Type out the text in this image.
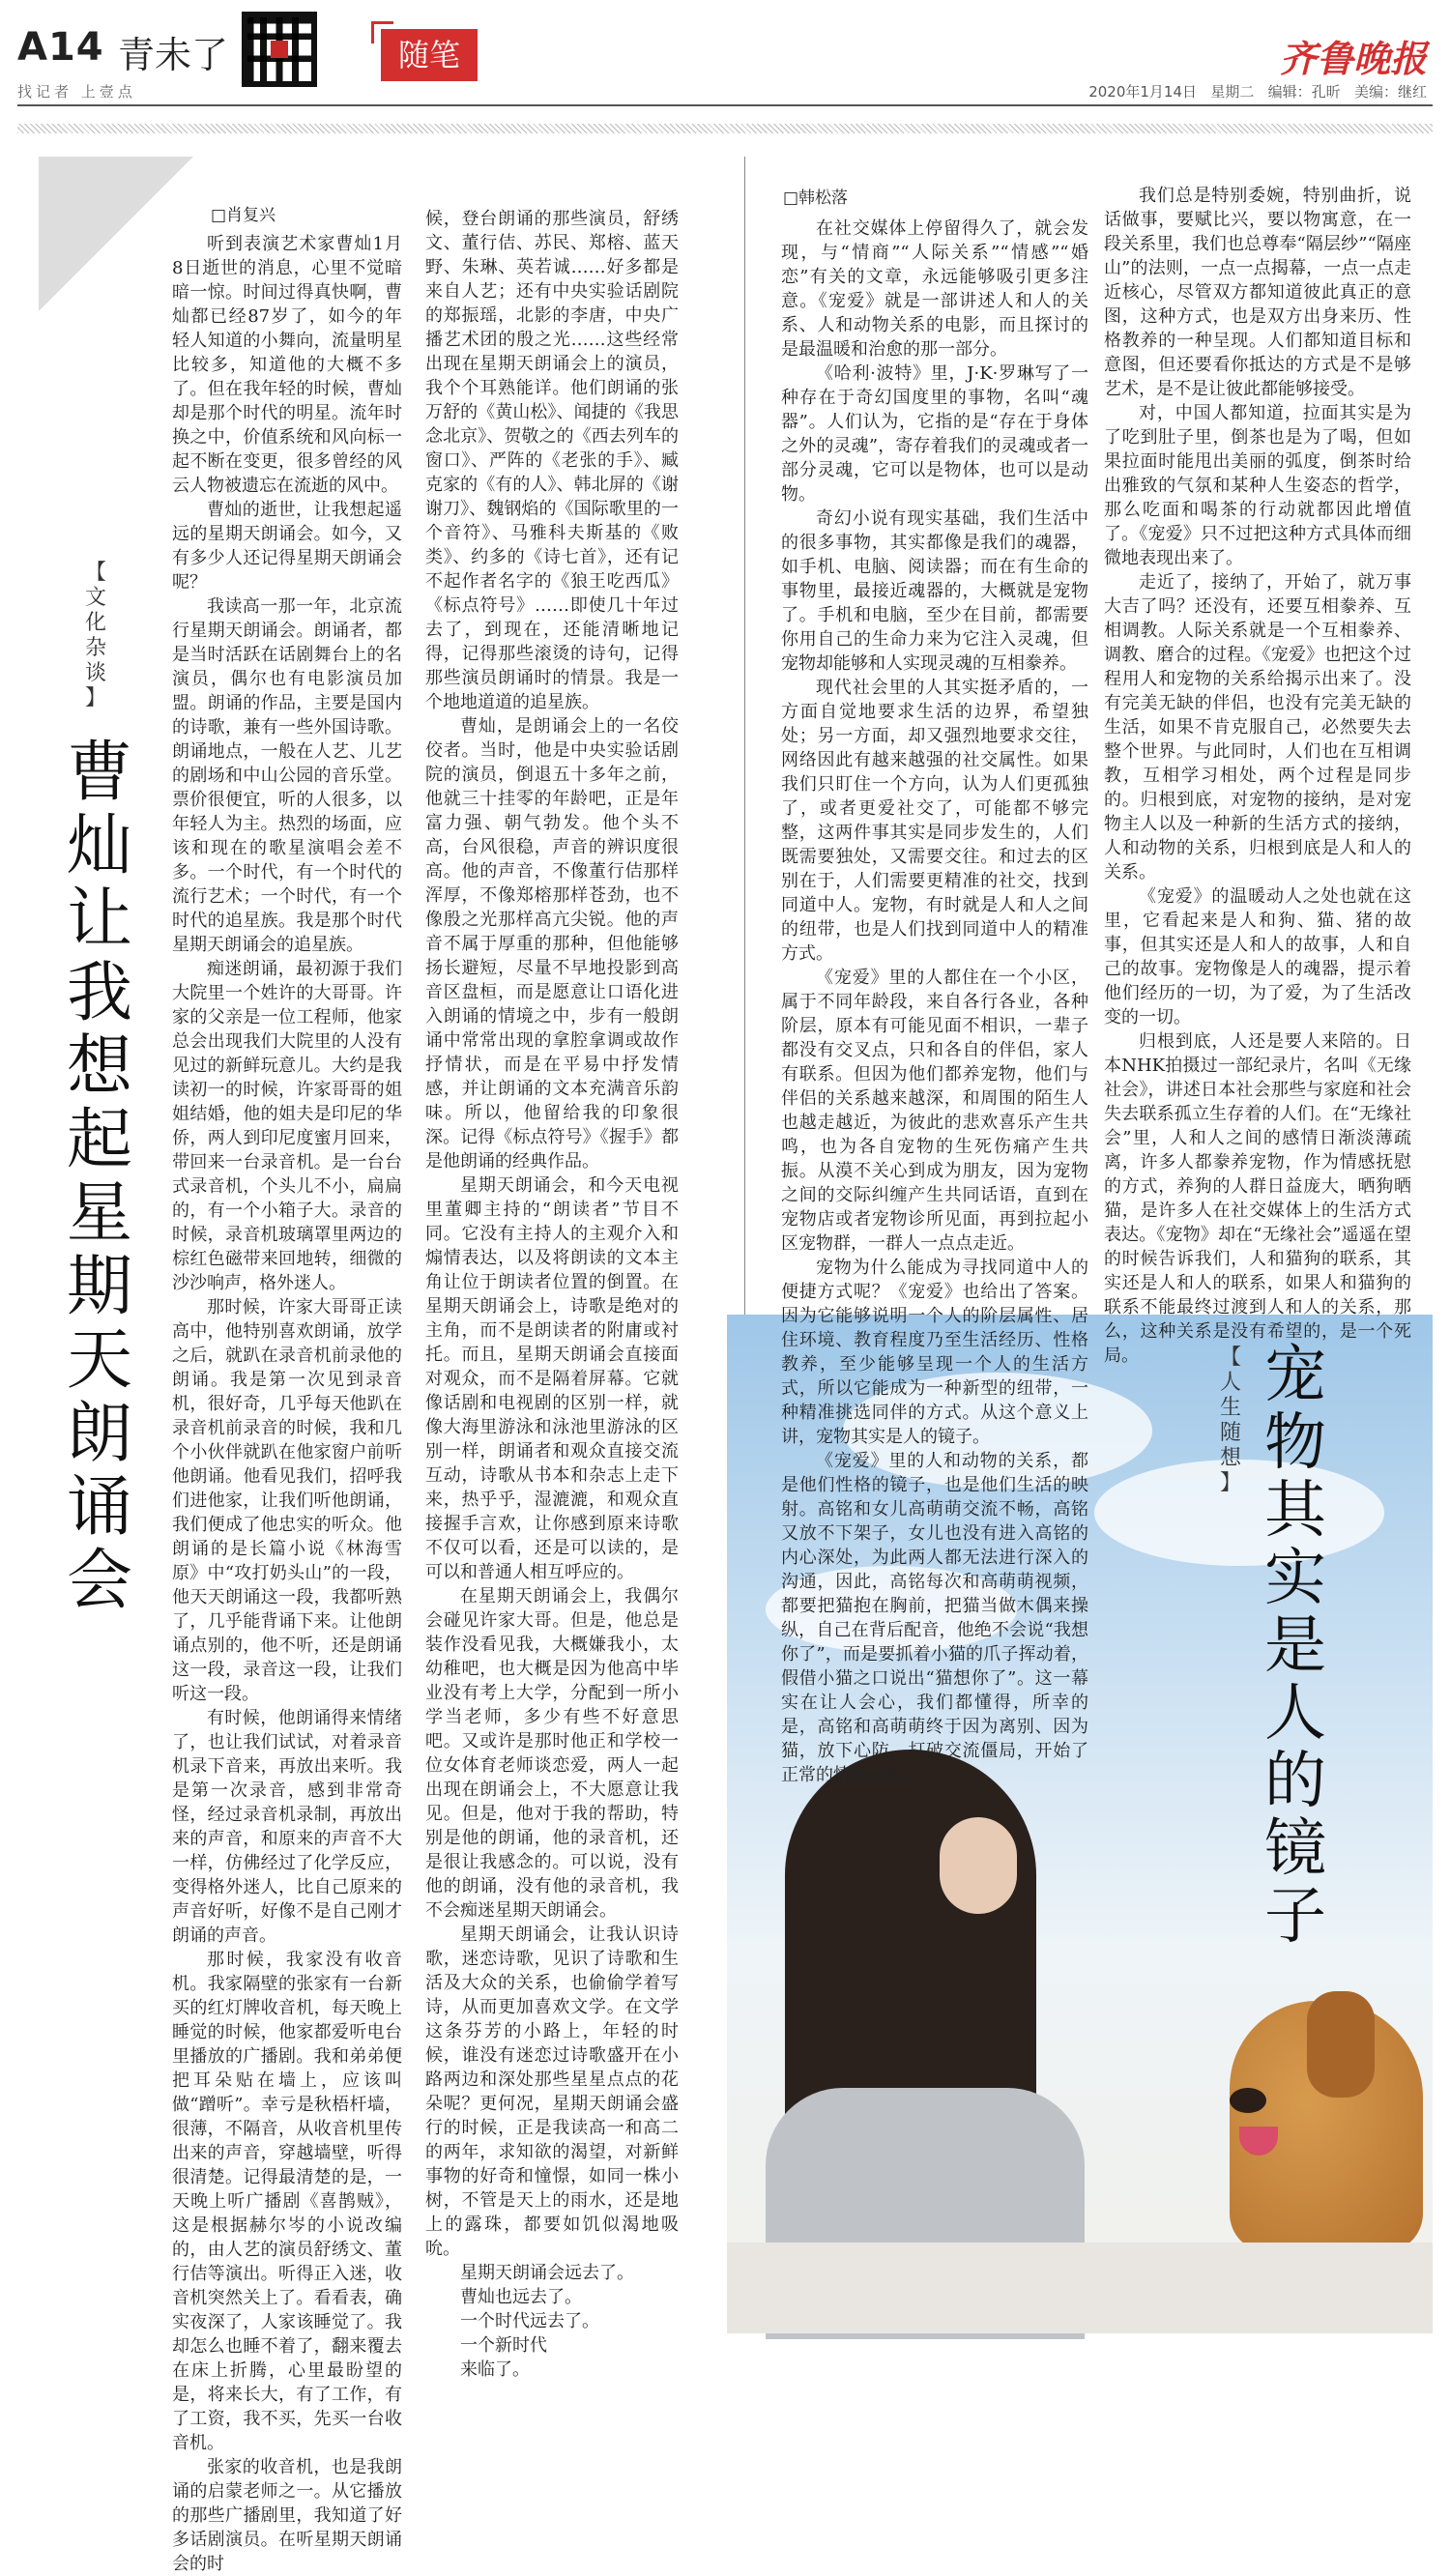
A14 青未了	随笔
找记者 上壹点
齐鲁晚报
2020年1月14日 星期二 编辑：孔昕 美编：继红
【
文
化
杂
谈
】
曹
灿
让
我
想
起
星
期
天
朗
诵
会
□肖复兴

听到表演艺术家曹灿1月8日逝世的消息，心里不觉暗暗一惊。时间过得真快啊，曹灿都已经87岁了，如今的年轻人知道的小舞向，流量明星比较多，知道他的大概不多了。但在我年轻的时候，曹灿却是那个时代的明星。流年时换之中，价值系统和风向标一起不断在变更，很多曾经的风云人物被遗忘在流逝的风中。

曹灿的逝世，让我想起遥远的星期天朗诵会。如今，又有多少人还记得星期天朗诵会呢？

我读高一那一年，北京流行星期天朗诵会。朗诵者，都是当时活跃在话剧舞台上的名演员，偶尔也有电影演员加盟。朗诵的作品，主要是国内的诗歌，兼有一些外国诗歌。朗诵地点，一般在人艺、儿艺的剧场和中山公园的音乐堂。票价很便宜，听的人很多，以年轻人为主。热烈的场面，应该和现在的歌星演唱会差不多。一个时代，有一个时代的流行艺术；一个时代，有一个时代的追星族。我是那个时代星期天朗诵会的追星族。

痴迷朗诵，最初源于我们大院里一个姓许的大哥哥。许家的父亲是一位工程师，他家总会出现我们大院里的人没有见过的新鲜玩意儿。大约是我读初一的时候，许家哥哥的姐姐结婚，他的姐夫是印尼的华侨，两人到印尼度蜜月回来，带回来一台录音机。是一台台式录音机，个头儿不小，扁扁的，有一个小箱子大。录音的时候，录音机玻璃罩里两边的棕红色磁带来回地转，细微的沙沙响声，格外迷人。

那时候，许家大哥哥正读高中，他特别喜欢朗诵，放学之后，就趴在录音机前录他的朗诵。我是第一次见到录音机，很好奇，几乎每天他趴在录音机前录音的时候，我和几个小伙伴就趴在他家窗户前听他朗诵。他看见我们，招呼我们进他家，让我们听他朗诵，我们便成了他忠实的听众。他朗诵的是长篇小说《林海雪原》中“攻打奶头山”的一段，他天天朗诵这一段，我都听熟了，几乎能背诵下来。让他朗诵点别的，他不听，还是朗诵这一段，录音这一段，让我们听这一段。

有时候，他朗诵得来情绪了，也让我们试试，对着录音机录下音来，再放出来听。我是第一次录音，感到非常奇怪，经过录音机录制，再放出来的声音，和原来的声音不大一样，仿佛经过了化学反应，变得格外迷人，比自己原来的声音好听，好像不是自己刚才朗诵的声音。

那时候，我家没有收音机。我家隔壁的张家有一台新买的红灯牌收音机，每天晚上睡觉的时候，他家都爱听电台里播放的广播剧。我和弟弟便把耳朵贴在墙上，应该叫做“蹭听”。幸亏是秋梧杆墙，很薄，不隔音，从收音机里传出来的声音，穿越墙壁，听得很清楚。记得最清楚的是，一天晚上听广播剧《喜鹊贼》，这是根据赫尔岑的小说改编的，由人艺的演员舒绣文、董行佶等演出。听得正入迷，收音机突然关上了。看看表，确实夜深了，人家该睡觉了。我却怎么也睡不着了，翻来覆去在床上折腾，心里最盼望的是，将来长大，有了工作，有了工资，我不买，先买一台收音机。

张家的收音机，也是我朗诵的启蒙老师之一。从它播放的那些广播剧里，我知道了好多话剧演员。在听星期天朗诵会的时

候，登台朗诵的那些演员，舒绣文、董行佶、苏民、郑榕、蓝天野、朱琳、英若诚……好多都是来自人艺；还有中央实验话剧院的郑振瑶，北影的李唐，中央广播艺术团的殷之光……这些经常出现在星期天朗诵会上的演员，我个个耳熟能详。他们朗诵的张万舒的《黄山松》、闻捷的《我思念北京》、贺敬之的《西去列车的窗口》、严阵的《老张的手》、臧克家的《有的人》、韩北屏的《谢谢刀》、魏钢焰的《国际歌里的一个音符》、马雅科夫斯基的《败类》、约多的《诗七首》，还有记不起作者名字的《狼王吃西瓜》《标点符号》……即使几十年过去了，到现在，还能清晰地记得，记得那些滚烫的诗句，记得那些演员朗诵时的情景。我是一个地地道道的追星族。

曹灿，是朗诵会上的一名佼佼者。当时，他是中央实验话剧院的演员，倒退五十多年之前，他就三十挂零的年龄吧，正是年富力强、朝气勃发。他个头不高，台风很稳，声音的辨识度很高。他的声音，不像董行佶那样浑厚，不像郑榕那样苍劲，也不像殷之光那样高亢尖锐。他的声音不属于厚重的那种，但他能够扬长避短，尽量不早地投影到高音区盘桓，而是愿意让口语化进入朗诵的情境之中，步有一般朗诵中常常出现的拿腔拿调或故作抒情状，而是在平易中抒发情感，并让朗诵的文本充满音乐韵味。所以，他留给我的印象很深。记得《标点符号》《握手》都是他朗诵的经典作品。

星期天朗诵会，和今天电视里董卿主持的“朗读者”节目不同。它没有主持人的主观介入和煽情表达，以及将朗读的文本主角让位于朗读者位置的倒置。在星期天朗诵会上，诗歌是绝对的主角，而不是朗读者的附庸或衬托。而且，星期天朗诵会直接面对观众，而不是隔着屏幕。它就像话剧和电视剧的区别一样，就像大海里游泳和泳池里游泳的区别一样，朗诵者和观众直接交流互动，诗歌从书本和杂志上走下来，热乎乎，湿漉漉，和观众直接握手言欢，让你感到原来诗歌不仅可以看，还是可以读的，是可以和普通人相互呼应的。

在星期天朗诵会上，我偶尔会碰见许家大哥。但是，他总是装作没看见我，大概嫌我小，太幼稚吧，也大概是因为他高中毕业没有考上大学，分配到一所小学当老师，多少有些不好意思吧。又或许是那时他正和学校一位女体育老师谈恋爱，两人一起出现在朗诵会上，不大愿意让我见。但是，他对于我的帮助，特别是他的朗诵，他的录音机，还是很让我感念的。可以说，没有他的朗诵，没有他的录音机，我不会痴迷星期天朗诵会。

星期天朗诵会，让我认识诗歌，迷恋诗歌，见识了诗歌和生活及大众的关系，也偷偷学着写诗，从而更加喜欢文学。在文学这条芬芳的小路上，年轻的时候，谁没有迷恋过诗歌盛开在小路两边和深处那些星星点点的花朵呢？更何况，星期天朗诵会盛行的时候，正是我读高一和高二的两年，求知欲的渴望，对新鲜事物的好奇和憧憬，如同一株小树，不管是天上的雨水，还是地上的露珠，都要如饥似渴地吸吮。

星期天朗诵会远去了。

曹灿也远去了。

一个时代远去了。

一个新时代

来临了。

□韩松落

在社交媒体上停留得久了，就会发现，与“情商”“人际关系”“情感”“婚恋”有关的文章，永远能够吸引更多注意。《宠爱》就是一部讲述人和人的关系、人和动物关系的电影，而且探讨的是最温暖和治愈的那一部分。

《哈利·波特》里，J·K·罗琳写了一种存在于奇幻国度里的事物，名叫“魂器”。人们认为，它指的是“存在于身体之外的灵魂”，寄存着我们的灵魂或者一部分灵魂，它可以是物体，也可以是动物。

奇幻小说有现实基础，我们生活中的很多事物，其实都像是我们的魂器，如手机、电脑、阅读器；而在有生命的事物里，最接近魂器的，大概就是宠物了。手机和电脑，至少在目前，都需要你用自己的生命力来为它注入灵魂，但宠物却能够和人实现灵魂的互相豢养。

现代社会里的人其实挺矛盾的，一方面自觉地要求生活的边界，希望独处；另一方面，却又强烈地要求交往，网络因此有越来越强的社交属性。如果我们只盯住一个方向，认为人们更孤独了，或者更爱社交了，可能都不够完整，这两件事其实是同步发生的，人们既需要独处，又需要交往。和过去的区别在于，人们需要更精准的社交，找到同道中人。宠物，有时就是人和人之间的纽带，也是人们找到同道中人的精准方式。

《宠爱》里的人都住在一个小区，属于不同年龄段，来自各行各业，各种阶层，原本有可能见面不相识，一辈子都没有交叉点，只和各自的伴侣，家人有联系。但因为他们都养宠物，他们与伴侣的关系越来越深，和周围的陌生人也越走越近，为彼此的悲欢喜乐产生共鸣，也为各自宠物的生死伤痛产生共振。从漠不关心到成为朋友，因为宠物之间的交际纠缠产生共同话语，直到在宠物店或者宠物诊所见面，再到拉起小区宠物群，一群人一点点走近。

宠物为什么能成为寻找同道中人的便捷方式呢？《宠爱》也给出了答案。因为它能够说明一个人的阶层属性、居住环境、教育程度乃至生活经历、性格教养，至少能够呈现一个人的生活方式，所以它能成为一种新型的纽带，一种精准挑选同伴的方式。从这个意义上讲，宠物其实是人的镜子。

《宠爱》里的人和动物的关系，都是他们性格的镜子，也是他们生活的映射。高铭和女儿高萌萌交流不畅，高铭又放不下架子，女儿也没有进入高铭的内心深处，为此两人都无法进行深入的沟通，因此，高铭每次和高萌萌视频，都要把猫抱在胸前，把猫当做木偶来操纵，自己在背后配音，他绝不会说“我想你了”，而是要抓着小猫的爪子挥动着，假借小猫之口说出“猫想你了”。这一幕实在让人会心，我们都懂得，所幸的是，高铭和高萌萌终于因为离别、因为猫，放下心防，打破交流僵局，开始了正常的情感交流。

我们总是特别委婉，特别曲折，说话做事，要赋比兴，要以物寓意，在一段关系里，我们也总尊奉“隔层纱”“隔座山”的法则，一点一点揭幕，一点一点走近核心，尽管双方都知道彼此真正的意图，这种方式，也是双方出身来历、性格教养的一种呈现。人们都知道目标和意图，但还要看你抵达的方式是不是够艺术，是不是让彼此都能够接受。

对，中国人都知道，拉面其实是为了吃到肚子里，倒茶也是为了喝，但如果拉面时能甩出美丽的弧度，倒茶时给出雅致的气氛和某种人生姿态的哲学，那么吃面和喝茶的行动就都因此增值了。《宠爱》只不过把这种方式具体而细微地表现出来了。

走近了，接纳了，开始了，就万事大吉了吗？还没有，还要互相豢养、互相调教。人际关系就是一个互相豢养、调教、磨合的过程。《宠爱》也把这个过程用人和宠物的关系给揭示出来了。没有完美无缺的伴侣，也没有完美无缺的生活，如果不肯克服自己，必然要失去整个世界。与此同时，人们也在互相调教，互相学习相处，两个过程是同步的。归根到底，对宠物的接纳，是对宠物主人以及一种新的生活方式的接纳，人和动物的关系，归根到底是人和人的关系。

《宠爱》的温暖动人之处也就在这里，它看起来是人和狗、猫、猪的故事，但其实还是人和人的故事，人和自己的故事。宠物像是人的魂器，提示着他们经历的一切，为了爱，为了生活改变的一切。

归根到底，人还是要人来陪的。日本NHK拍摄过一部纪录片，名叫《无缘社会》，讲述日本社会那些与家庭和社会失去联系孤立生存着的人们。在“无缘社会”里，人和人之间的感情日渐淡薄疏离，许多人都豢养宠物，作为情感抚慰的方式，养狗的人群日益庞大，晒狗晒猫，是许多人在社交媒体上的生活方式表达。《宠物》却在“无缘社会”遥遥在望的时候告诉我们，人和猫狗的联系，其实还是人和人的联系，如果人和猫狗的联系不能最终过渡到人和人的关系，那么，这种关系是没有希望的，是一个死局。	【
人
生
随
想
】
宠
物
其
实
是
人
的
镜
子
